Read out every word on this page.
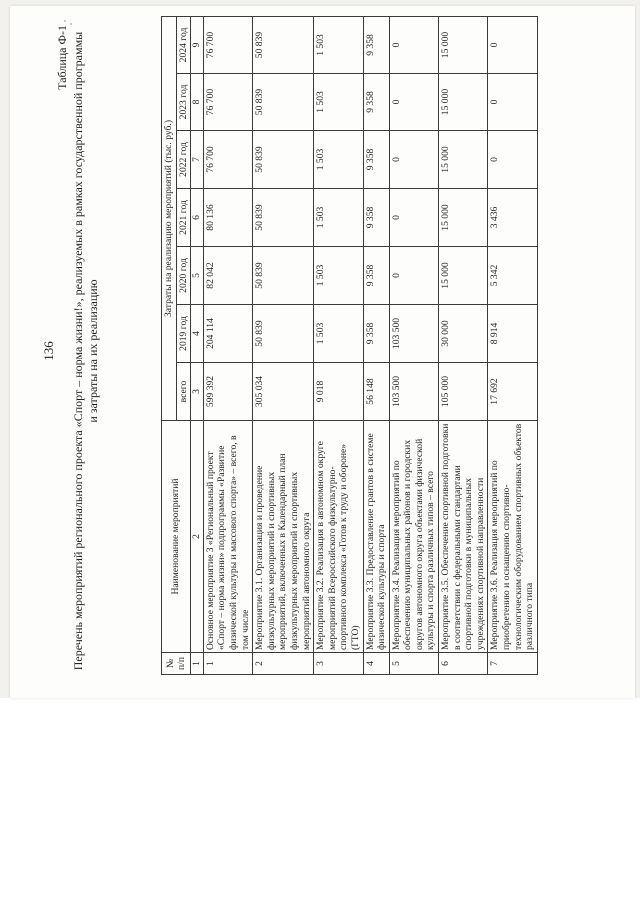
136
Таблица Ф-1 Перечень мероприятий регионального проекта «Спорт – норма жизни!», реализуемых в рамках государственной программы и затраты на их реализацию
№ п/п	Наименование мероприятий	Затраты на реализацию мероприятий (тыс. руб.)						
		всего	2019 год	2020 год	2021 год	2022 год	2023 год	2024 год
1	2	3	4	5	6	7	8	9
1	Основное мероприятие 3 «Региональный проект «Спорт – норма жизни» подпрограммы «Развитие физической культуры и массового спорта» – всего, в том числе	599 392	204 114	82 042	80 136	76 700	76 700	76 700
2	Мероприятие 3.1. Организация и проведение физкультурных мероприятий и спортивных мероприятий, включенных в Календарный план физкультурных мероприятий и спортивных мероприятий автономного округа	305 034	50 839	50 839	50 839	50 839	50 839	50 839
3	Мероприятие 3.2. Реализация в автономном округе мероприятий Всероссийского физкультурно-спортивного комплекса «Готов к труду и обороне» (ГТО)	9 018	1 503	1 503	1 503	1 503	1 503	1 503
4	Мероприятие 3.3. Предоставление грантов в системе физической культуры и спорта	56 148	9 358	9 358	9 358	9 358	9 358	9 358
5	Мероприятие 3.4. Реализация мероприятий по обеспечению муниципальных районов и городских округов автономного округа объектами физической культуры и спорта различных типов – всего	103 500	103 500	0	0	0	0	0
6	Мероприятие 3.5. Обеспечение спортивной подготовки в соответствии с федеральными стандартами спортивной подготовки в муниципальных учреждениях спортивной направленности	105 000	30 000	15 000	15 000	15 000	15 000	15 000
7	Мероприятие 3.6. Реализация мероприятий по приобретению и оснащению спортивно-технологическим оборудованием спортивных объектов различного типа	17 692	8 914	5 342	3 436	0	0	0
